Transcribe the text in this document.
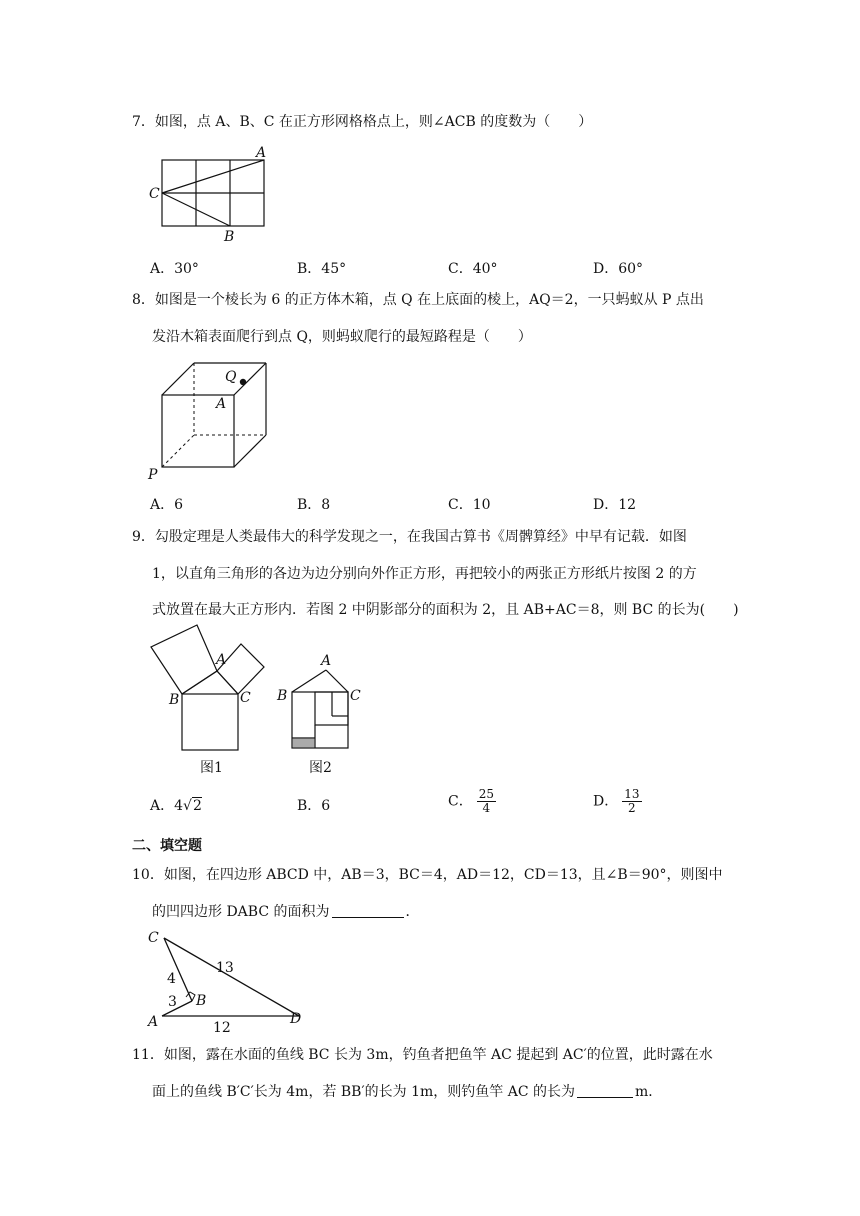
7．如图，点 A、B、C 在正方形网格格点上，则∠ACB 的度数为（　　）
A
C
B
A．30°	B．45°	C．40°	D．60°
8．如图是一个棱长为 6 的正方体木箱，点 Q 在上底面的棱上，AQ＝2，一只蚂蚁从 P 点出
发沿木箱表面爬行到点 Q，则蚂蚁爬行的最短路程是（　　）
Q
A
P
A．6	B．8	C．10	D．12
9．勾股定理是人类最伟大的科学发现之一，在我国古算书《周髀算经》中早有记载．如图
1，以直角三角形的各边为边分别向外作正方形，再把较小的两张正方形纸片按图 2 的方
式放置在最大正方形内．若图 2 中阴影部分的面积为 2，且 AB+AC＝8，则 BC 的长为(　　)
A
B	C
图1
A
B	C
图2
A．4√2	B．6	C． $\frac{25}{4}$	D． $\frac{13}{2}$
二、填空题
10．如图，在四边形 ABCD 中，AB＝3，BC＝4，AD＝12，CD＝13，且∠B＝90°，则图中
的凹四边形 DABC 的面积为	．
C
4
13
3 B
A	12
D
11．如图，露在水面的鱼线 BC 长为 3m，钓鱼者把鱼竿 AC 提起到 AC′的位置，此时露在水
面上的鱼线 B′C′长为 4m，若 BB′的长为 1m，则钓鱼竿 AC 的长为	m．
